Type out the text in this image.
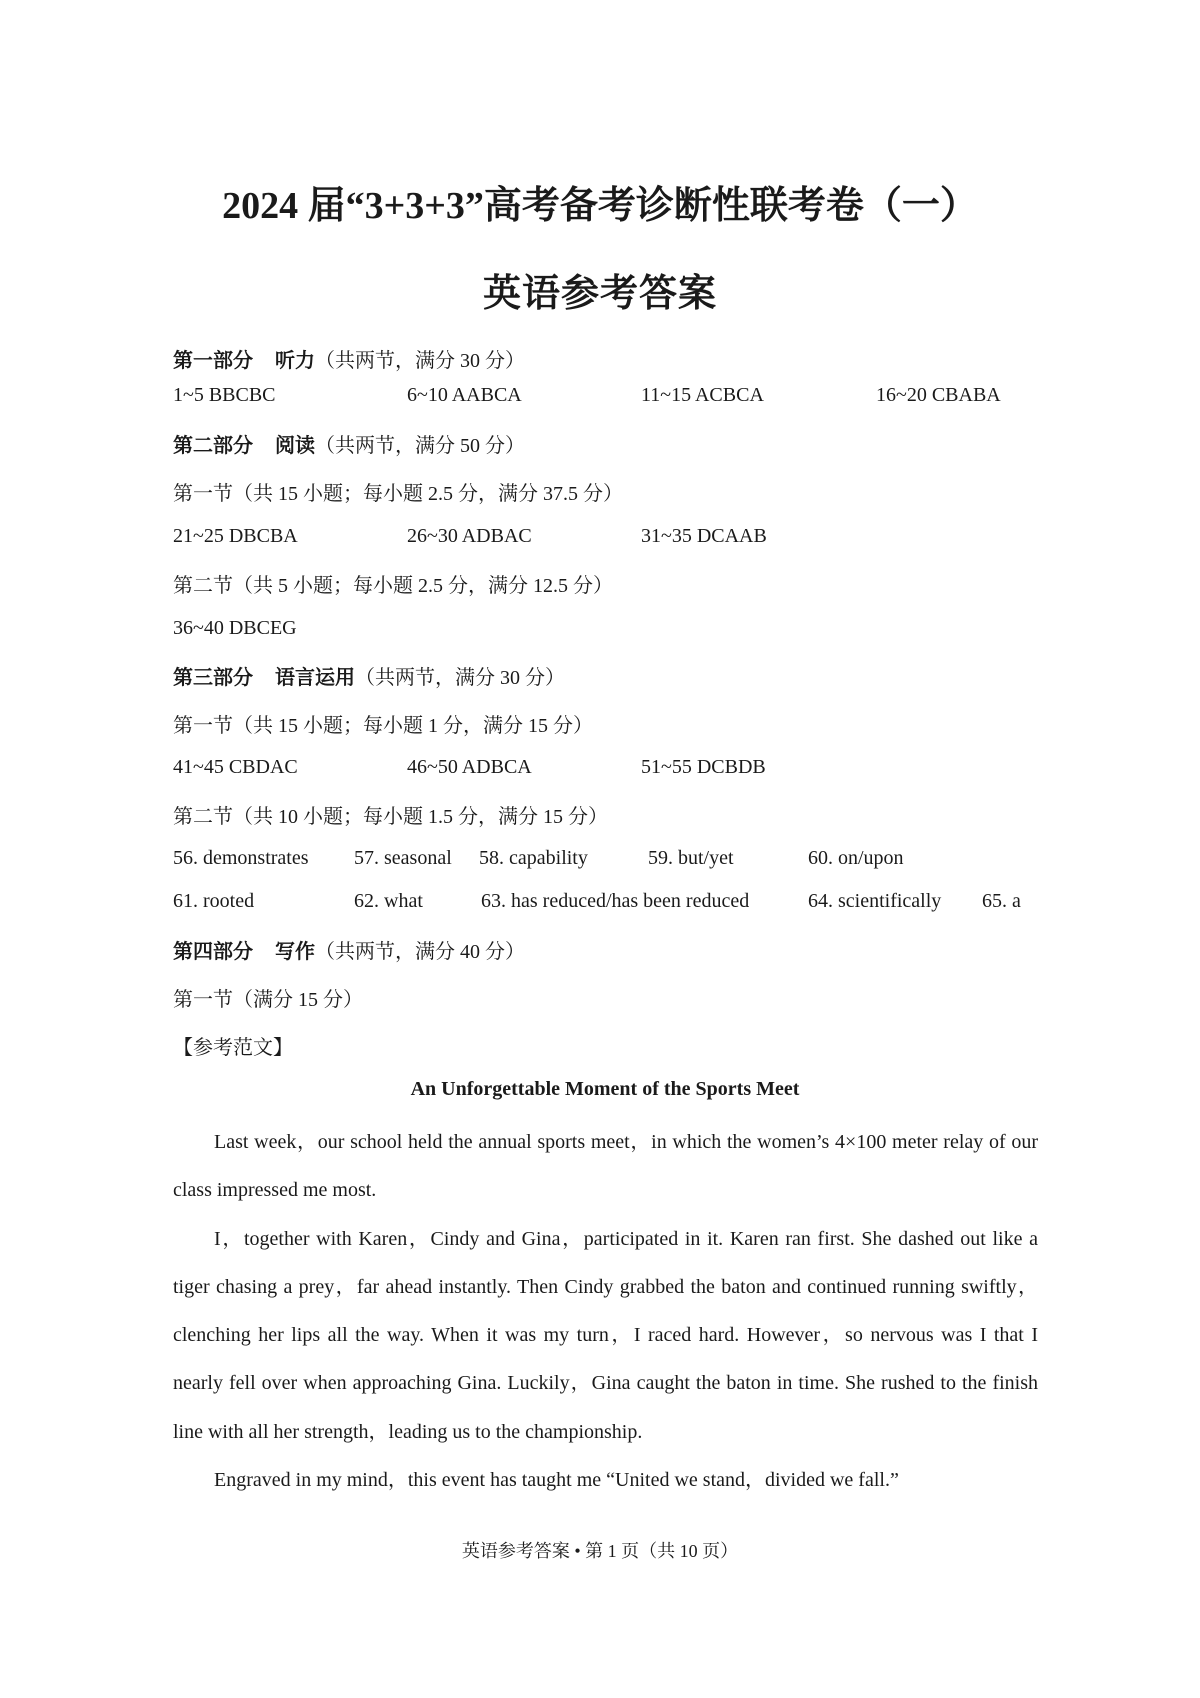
2024 届“3+3+3”高考备考诊断性联考卷（一）
英语参考答案
第一部分 听力（共两节，满分 30 分）
1~5 BBCBC	6~10 AABCA	11~15 ACBCA	16~20 CBABA
第二部分 阅读（共两节，满分 50 分）
第一节（共 15 小题；每小题 2.5 分，满分 37.5 分）
21~25 DBCBA	26~30 ADBAC	31~35 DCAAB
第二节（共 5 小题；每小题 2.5 分，满分 12.5 分）
36~40 DBCEG
第三部分 语言运用（共两节，满分 30 分）
第一节（共 15 小题；每小题 1 分，满分 15 分）
41~45 CBDAC	46~50 ADBCA	51~55 DCBDB
第二节（共 10 小题；每小题 1.5 分，满分 15 分）
56. demonstrates 57. seasonal 58. capability	59. but/yet	60. on/upon
61. rooted	62. what	63. has reduced/has been reduced	64. scientifically 65. a
第四部分 写作（共两节，满分 40 分）
第一节（满分 15 分）
【参考范文】
An Unforgettable Moment of the Sports Meet

Last week，our school held the annual sports meet，in which the women’s 4×100 meter relay of our class impressed me most.

I，together with Karen，Cindy and Gina，participated in it. Karen ran first. She dashed out like a tiger chasing a prey，far ahead instantly. Then Cindy grabbed the baton and continued running swiftly，clenching her lips all the way. When it was my turn，I raced hard. However，so nervous was I that I nearly fell over when approaching Gina. Luckily，Gina caught the baton in time. She rushed to the finish line with all her strength，leading us to the championship.

Engraved in my mind，this event has taught me “United we stand，divided we fall.”

英语参考答案 • 第 1 页（共 10 页）
